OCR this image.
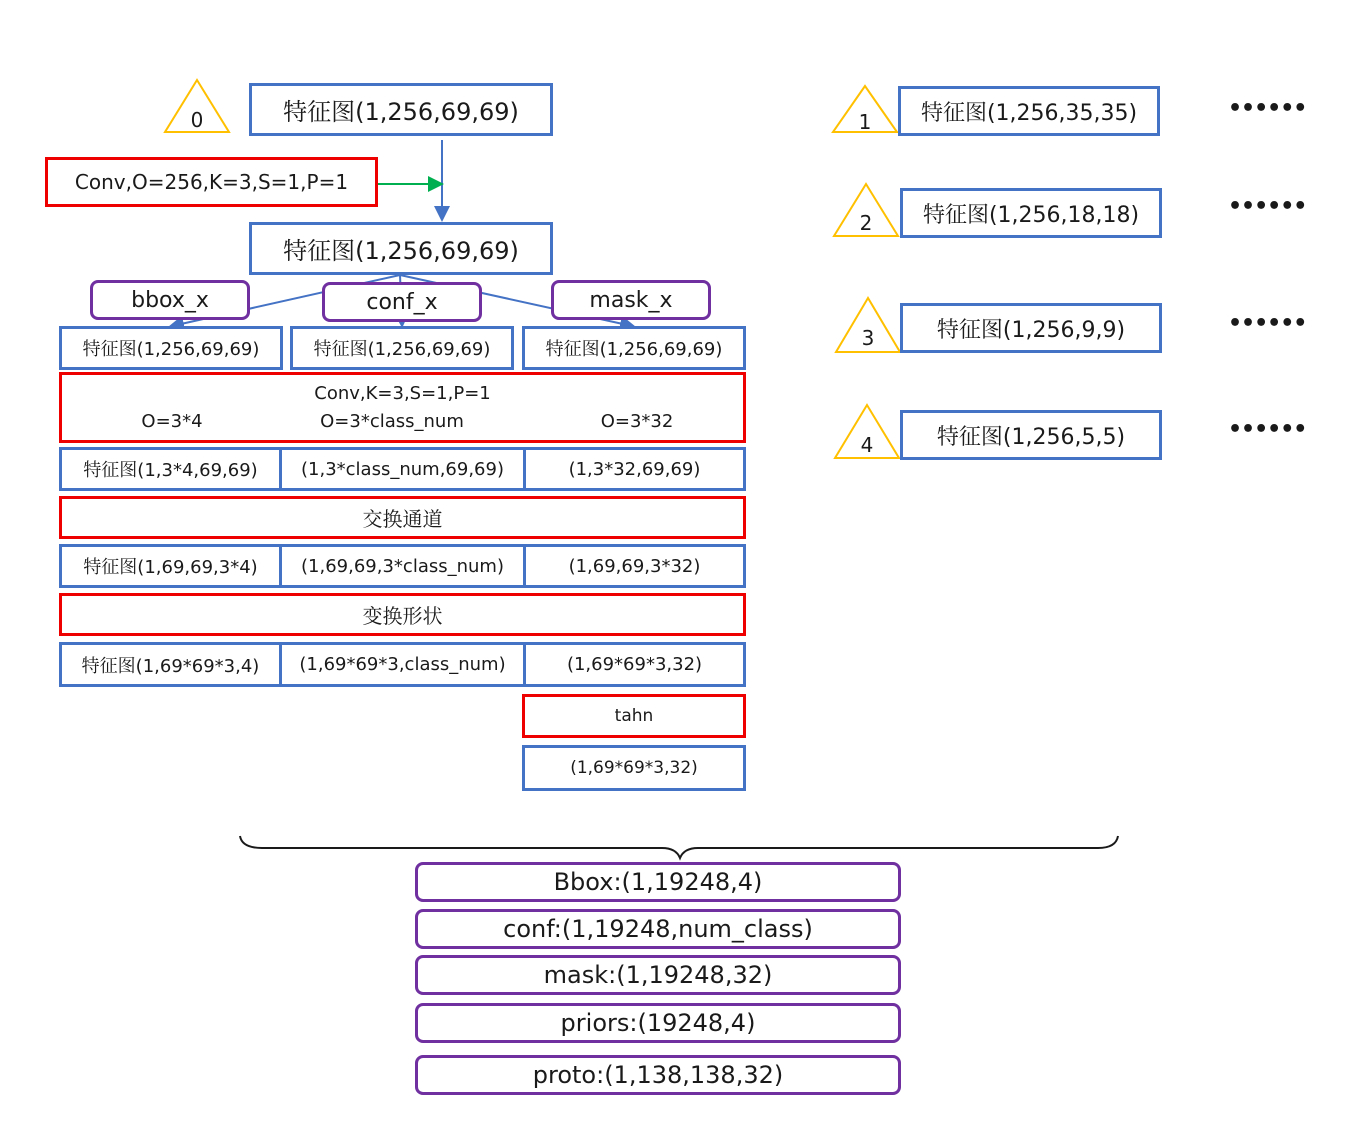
0	特征图(1,256,69,69)
Conv,O=256,K=3,S=1,P=1
特征图(1,256,69,69)
bbox_x	conf_x	mask_x
特征图(1,256,69,69)	特征图(1,256,69,69)	特征图(1,256,69,69)
Conv,K=3,S=1,P=1
O=3*4	O=3*class_num	O=3*32
特征图(1,3*4,69,69)	(1,3*class_num,69,69)	(1,3*32,69,69)
交换通道
特征图(1,69,69,3*4)	(1,69,69,3*class_num)	(1,69,69,3*32)
变换形状
特征图(1,69*69*3,4)	(1,69*69*3,class_num)	(1,69*69*3,32)
tahn
(1,69*69*3,32)
1	特征图(1,256,35,35)	••••••
2	特征图(1,256,18,18)	••••••
3	特征图(1,256,9,9)	••••••
4	特征图(1,256,5,5)	••••••
Bbox:(1,19248,4)
conf:(1,19248,num_class)
mask:(1,19248,32)
priors:(19248,4)
proto:(1,138,138,32)
